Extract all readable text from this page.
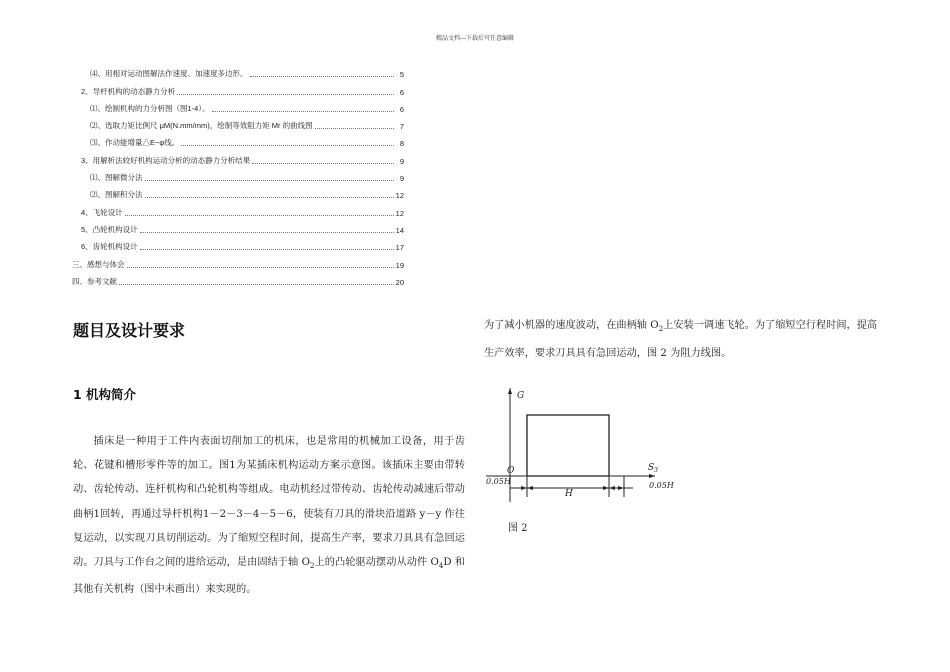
精品文档---下载后可任意编辑
⑷、用相对运动图解法作速度、加速度多边形。	5
2、导杆机构的动态静力分析	6
⑴、绘制机构的力分析图（图1-4）。	6
⑵、选取力矩比例尺 μM(N.mm/mm)，绘制等效阻力矩 Mr 的曲线图	7
⑶、作动能增量△E−φ线。	8
3、用解析法较好机构运动分析的动态静力分析结果	9
⑴、图解微分法	9
⑵、图解积分法	12
4、飞轮设计	12
5、凸轮机构设计	14
6、齿轮机构设计	17
三、感想与体会	19
四、参考文献	20
题目及设计要求
1 机构简介

插床是一种用于工件内表面切削加工的机床，也是常用的机械加工设备，用于齿轮、花键和槽形零件等的加工。图1为某插床机构运动方案示意图。该插床主要由带转动、齿轮传动、连杆机构和凸轮机构等组成。电动机经过带传动、齿轮传动减速后带动曲柄1回转，再通过导杆机构1－2－3－4－5－6，使装有刀具的滑块沿道路 y－y 作往复运动，以实现刀具切削运动。为了缩短空程时间，提高生产率，要求刀具具有急回运动。刀具与工作台之间的进给运动，是由固结于轴 $O_2$上的凸轮驱动摆动从动件 $O_4D$ 和其他有关机构（图中未画出）来实现的。

为了减小机器的速度波动，在曲柄轴 $O_2$上安装一调速飞轮。为了缩短空行程时间，提高生产效率，要求刀具具有急回运动，图 2 为阻力线图。

G
O	$S_3$
H
0.05H	0.05H
图 2
